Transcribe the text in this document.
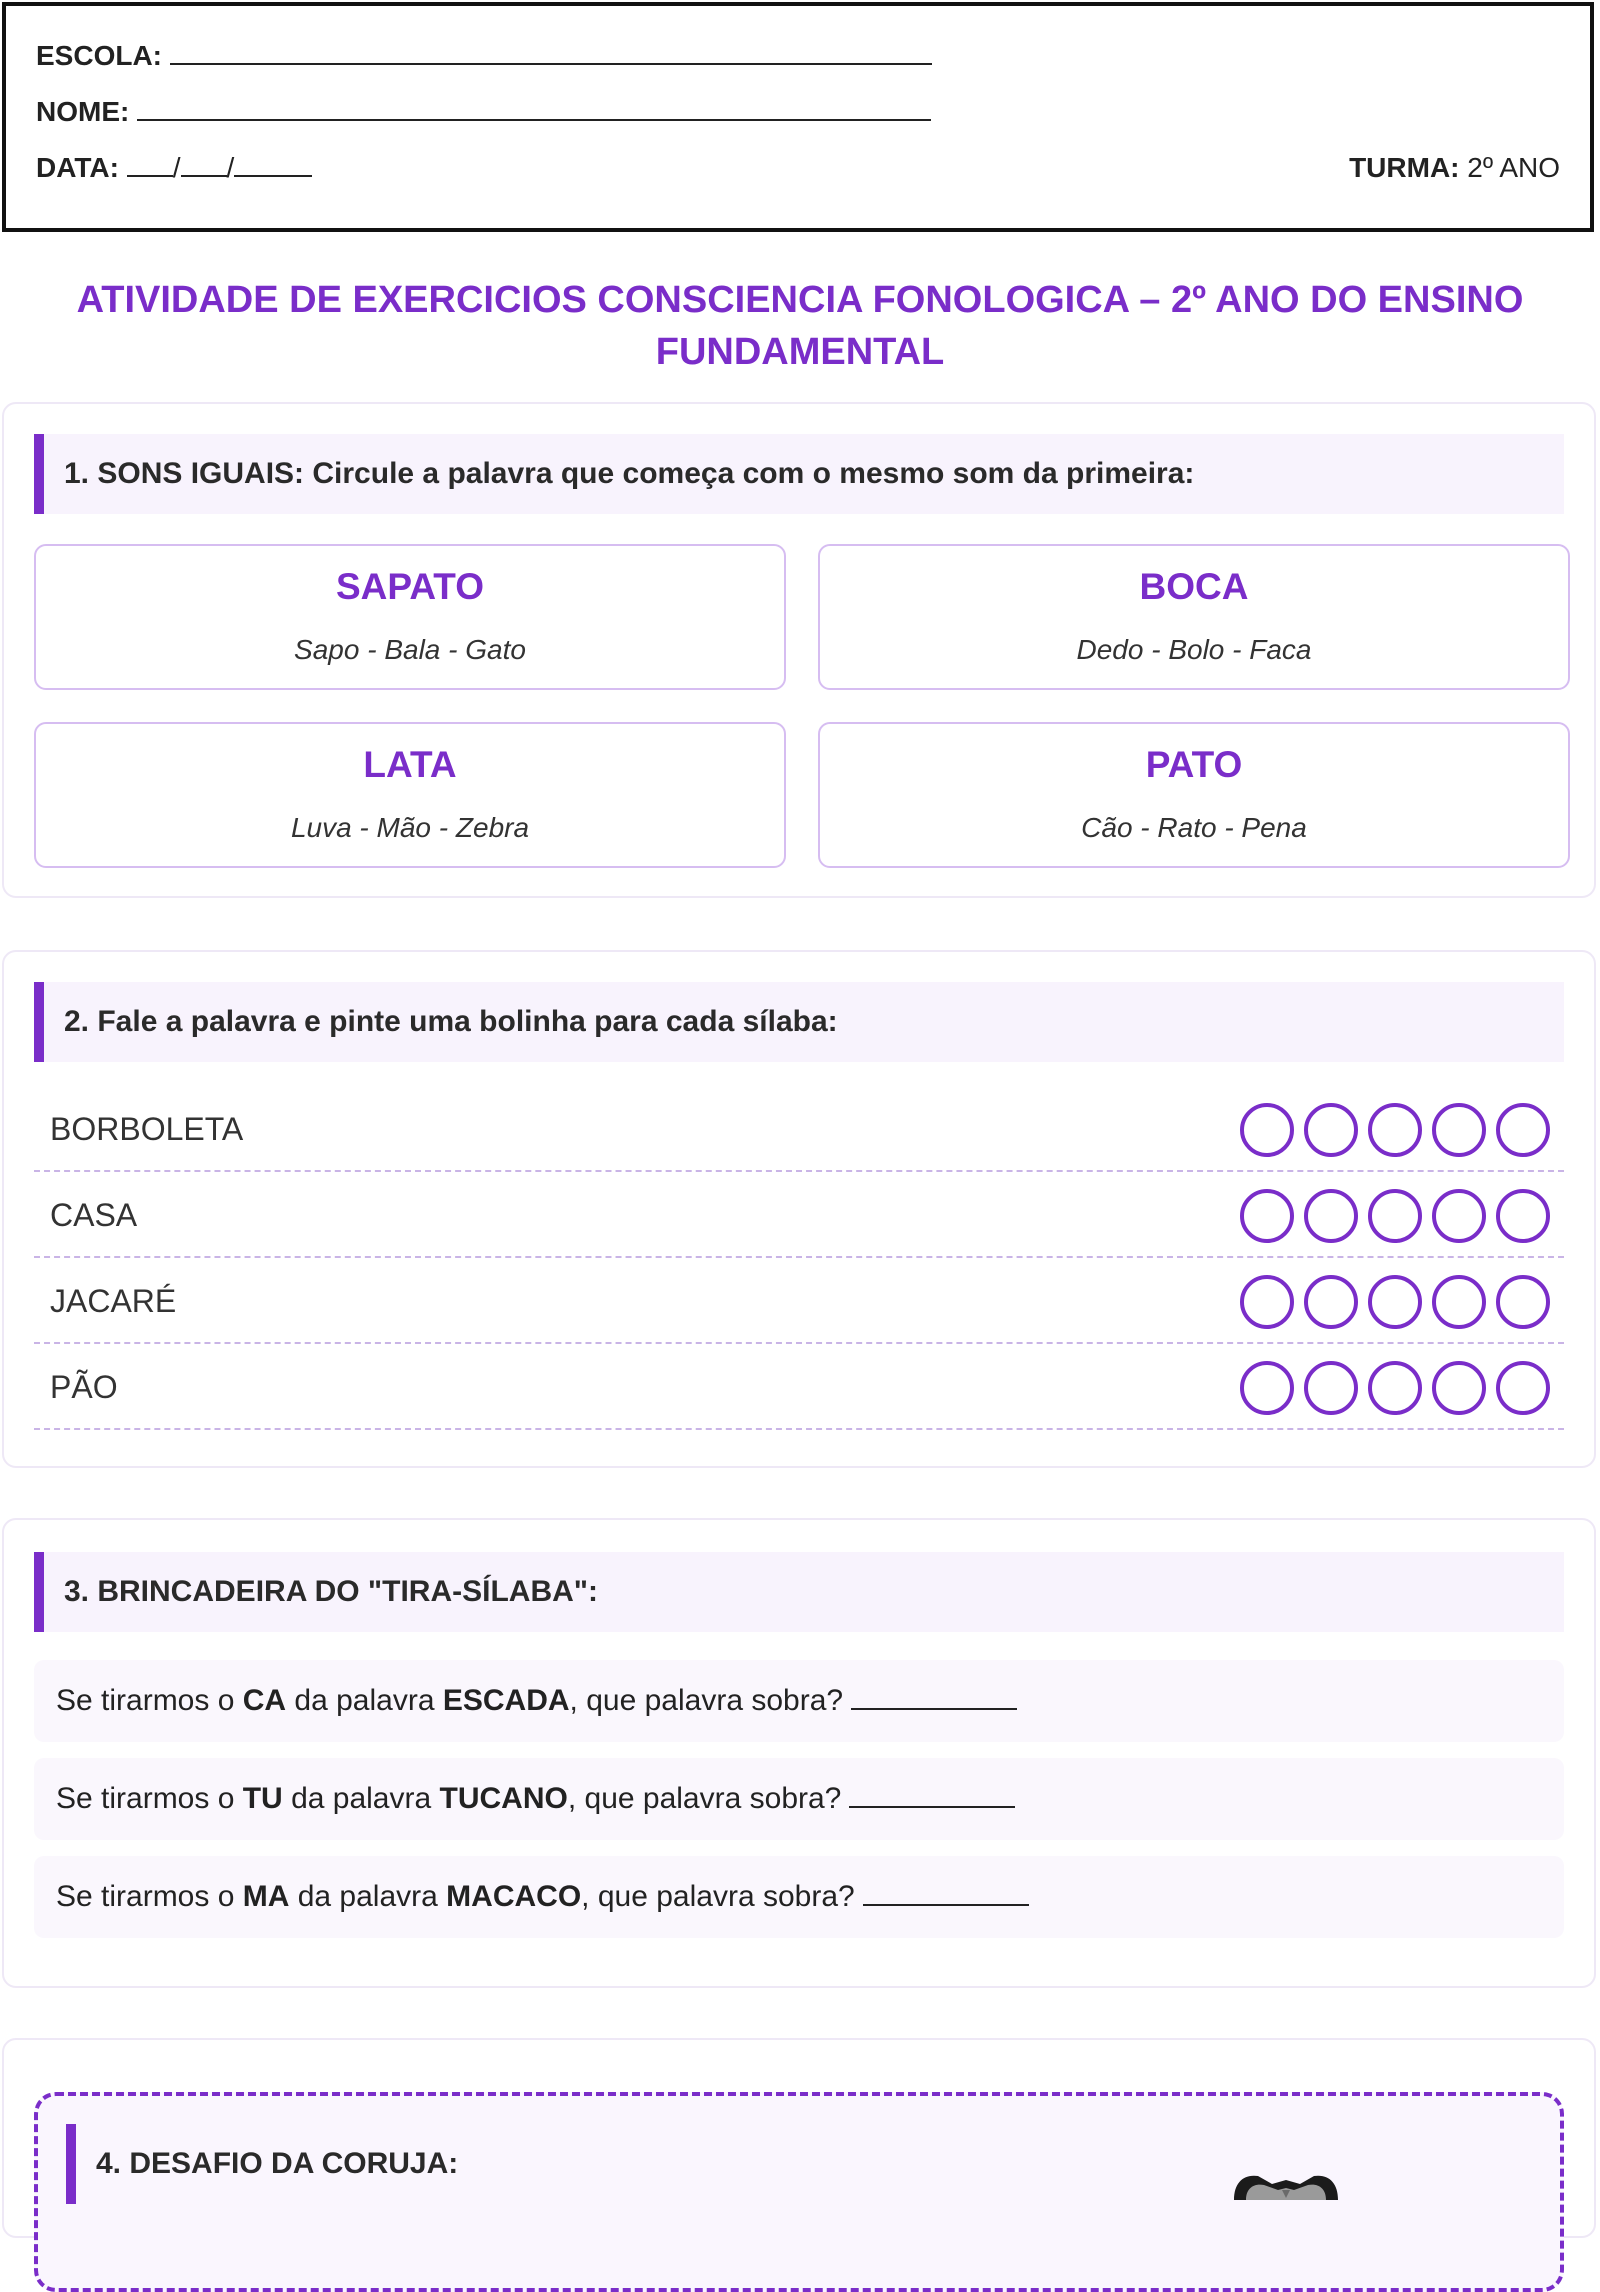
ESCOLA:
NOME:
DATA: / /	TURMA: 2º ANO
ATIVIDADE DE EXERCICIOS CONSCIENCIA FONOLOGICA – 2º ANO DO ENSINO
FUNDAMENTAL
1. SONS IGUAIS: Circule a palavra que começa com o mesmo som da primeira:
SAPATO
Sapo - Bala - Gato
BOCA
Dedo - Bolo - Faca
LATA
Luva - Mão - Zebra
PATO
Cão - Rato - Pena
2. Fale a palavra e pinte uma bolinha para cada sílaba:
BORBOLETA
CASA
JACARÉ
PÃO
3. BRINCADEIRA DO "TIRA-SÍLABA":
Se tirarmos o CA da palavra ESCADA, que palavra sobra?
Se tirarmos o TU da palavra TUCANO, que palavra sobra?
Se tirarmos o MA da palavra MACACO, que palavra sobra?
4. DESAFIO DA CORUJA:
